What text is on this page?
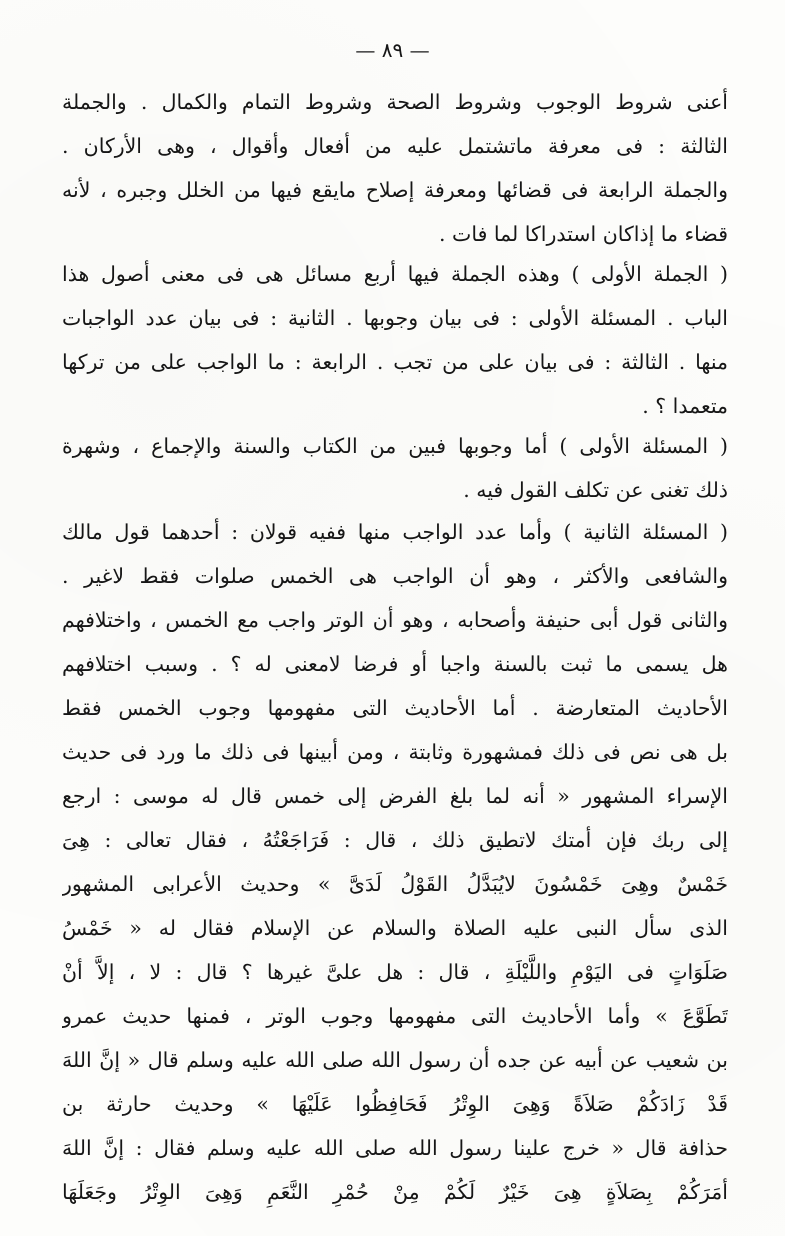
— ٨٩ —
أعنى شروط الوجوب وشروط الصحة وشروط التمام والكمال . والجملة
الثالثة : فى معرفة ماتشتمل عليه من أفعال وأقوال ، وهى الأركان .
والجملة الرابعة فى قضائها ومعرفة إصلاح مايقع فيها من الخلل وجبره ، لأنه
قضاء ما إذاكان استدراكا لما فات .
( الجملة الأولى ) وهذه الجملة فيها أربع مسائل هى فى معنى أصول هذا
الباب . المسئلة الأولى : فى بيان وجوبها . الثانية : فى بيان عدد الواجبات
منها . الثالثة : فى بيان على من تجب . الرابعة : ما الواجب على من تركها
متعمدا ؟ .
( المسئلة الأولى ) أما وجوبها فبين من الكتاب والسنة والإجماع ، وشهرة
ذلك تغنى عن تكلف القول فيه .
( المسئلة الثانية ) وأما عدد الواجب منها ففيه قولان : أحدهما قول مالك
والشافعى والأكثر ، وهو أن الواجب هى الخمس صلوات فقط لاغير .
والثانى قول أبى حنيفة وأصحابه ، وهو أن الوتر واجب مع الخمس ، واختلافهم
هل يسمى ما ثبت بالسنة واجبا أو فرضا لامعنى له ؟ . وسبب اختلافهم
الأحاديث المتعارضة . أما الأحاديث التى مفهومها وجوب الخمس فقط
بل هى نص فى ذلك فمشهورة وثابتة ، ومن أبينها فى ذلك ما ورد فى حديث
الإسراء المشهور « أنه لما بلغ الفرض إلى خمس قال له موسى : ارجع
إلى ربك فإن أمتك لاتطيق ذلك ، قال : فَرَاجَعْتُهُ ، فقال تعالى : هِىَ
خَمْسٌ وهِىَ خَمْسُونَ لايُبَدَّلُ القَوْلُ لَدَىَّ » وحديث الأعرابى المشهور
الذى سأل النبى عليه الصلاة والسلام عن الإسلام فقال له « خَمْسُ
صَلَوَاتٍ فى اليَوْمِ واللَّيْلَةِ ، قال : هل علىَّ غيرها ؟ قال : لا ، إلاَّ أنْ
تَطَوَّعَ » وأما الأحاديث التى مفهومها وجوب الوتر ، فمنها حديث عمرو
بن شعيب عن أبيه عن جده أن رسول الله صلى الله عليه وسلم قال « إنَّ اللهَ
قَدْ زَادَكُمْ صَلاَةً وَهِىَ الوِتْرُ فَحَافِظُوا عَلَيْهَا » وحديث حارثة بن
حذافة قال « خرج علينا رسول الله صلى الله عليه وسلم فقال : إنَّ اللهَ
أمَرَكُمْ بِصَلاَةٍ هِىَ خَيْرٌ لَكُمْ مِنْ حُمْرِ النَّعَمِ وَهِىَ الوِتْرُ وجَعَلَهَا
